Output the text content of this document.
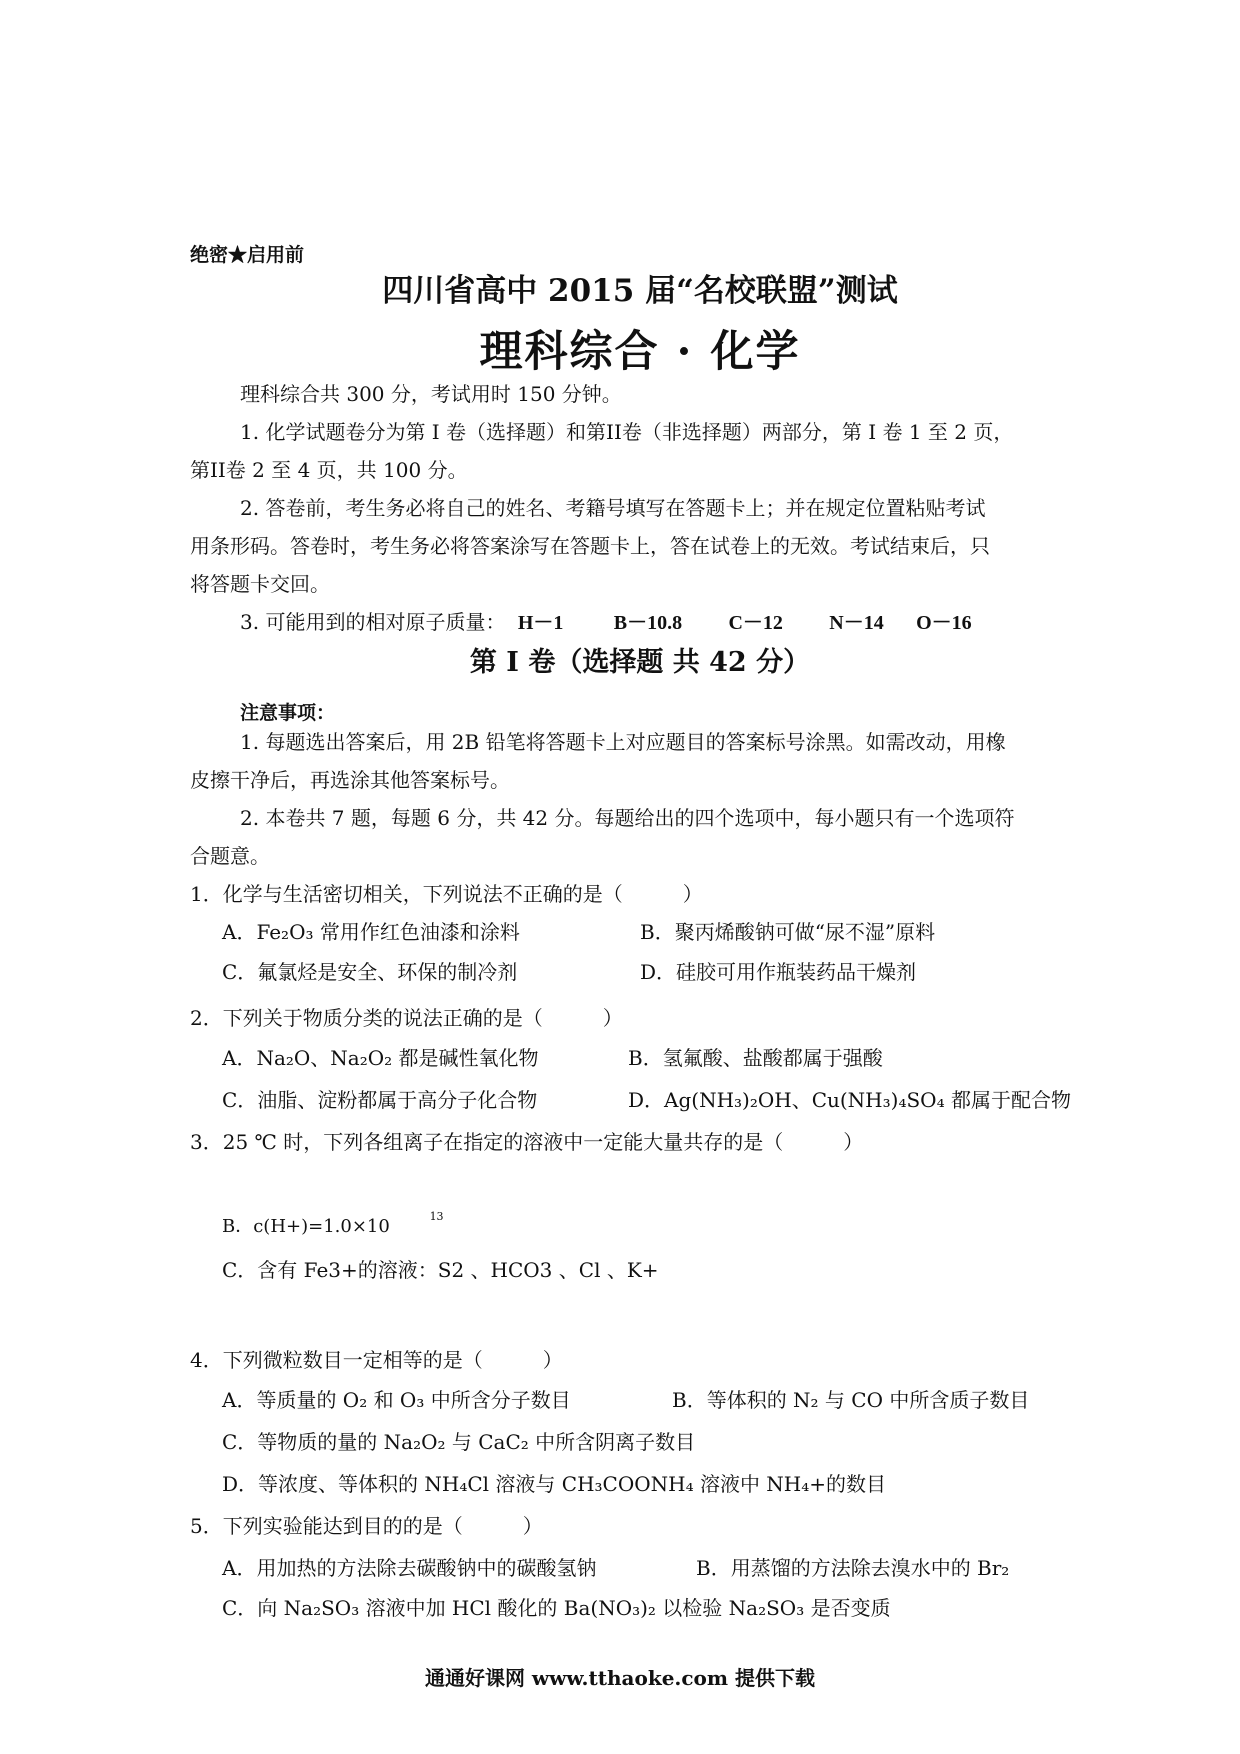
绝密★启用前
四川省高中 2015 届“名校联盟”测试
理科综合 · 化学
理科综合共 300 分，考试用时 150 分钟。
1. 化学试题卷分为第 I 卷（选择题）和第II卷（非选择题）两部分，第 I 卷 1 至 2 页，
第II卷 2 至 4 页，共 100 分。
2. 答卷前，考生务必将自己的姓名、考籍号填写在答题卡上；并在规定位置粘贴考试
用条形码。答卷时，考生务必将答案涂写在答题卡上，答在试卷上的无效。考试结束后，只
将答题卡交回。
3. 可能用到的相对原子质量： H－1	B－10.8 C－12 N－14 O－16
第 Ⅰ 卷（选择题 共 42 分）
注意事项：
1. 每题选出答案后，用 2B 铅笔将答题卡上对应题目的答案标号涂黑。如需改动，用橡
皮擦干净后，再选涂其他答案标号。
2. 本卷共 7 题，每题 6 分，共 42 分。每题给出的四个选项中，每小题只有一个选项符
合题意。
1．化学与生活密切相关，下列说法不正确的是（　　　）
A．Fe₂O₃ 常用作红色油漆和涂料	B．聚丙烯酸钠可做“尿不湿”原料
C．氟氯烃是安全、环保的制冷剂	D．硅胶可用作瓶装药品干燥剂
2．下列关于物质分类的说法正确的是（　　　）
A．Na₂O、Na₂O₂ 都是碱性氧化物	B．氢氟酸、盐酸都属于强酸
C．油脂、淀粉都属于高分子化合物	D．Ag(NH₃)₂OH、Cu(NH₃)₄SO₄ 都属于配合物
3．25 ℃ 时，下列各组离子在指定的溶液中一定能大量共存的是（　　　）
B．c(H+)=1.0×10	$^{13}$
C．含有 Fe3+的溶液：S2 、HCO3 、Cl 、K+
4．下列微粒数目一定相等的是（　　　）
A．等质量的 O₂ 和 O₃ 中所含分子数目	B．等体积的 N₂ 与 CO 中所含质子数目
C．等物质的量的 Na₂O₂ 与 CaC₂ 中所含阴离子数目
D．等浓度、等体积的 NH₄Cl 溶液与 CH₃COONH₄ 溶液中 NH₄+的数目
5．下列实验能达到目的的是（　　　）
A．用加热的方法除去碳酸钠中的碳酸氢钠	B．用蒸馏的方法除去溴水中的 Br₂
C．向 Na₂SO₃ 溶液中加 HCl 酸化的 Ba(NO₃)₂ 以检验 Na₂SO₃ 是否变质
通通好课网 www.tthaoke.com 提供下载
